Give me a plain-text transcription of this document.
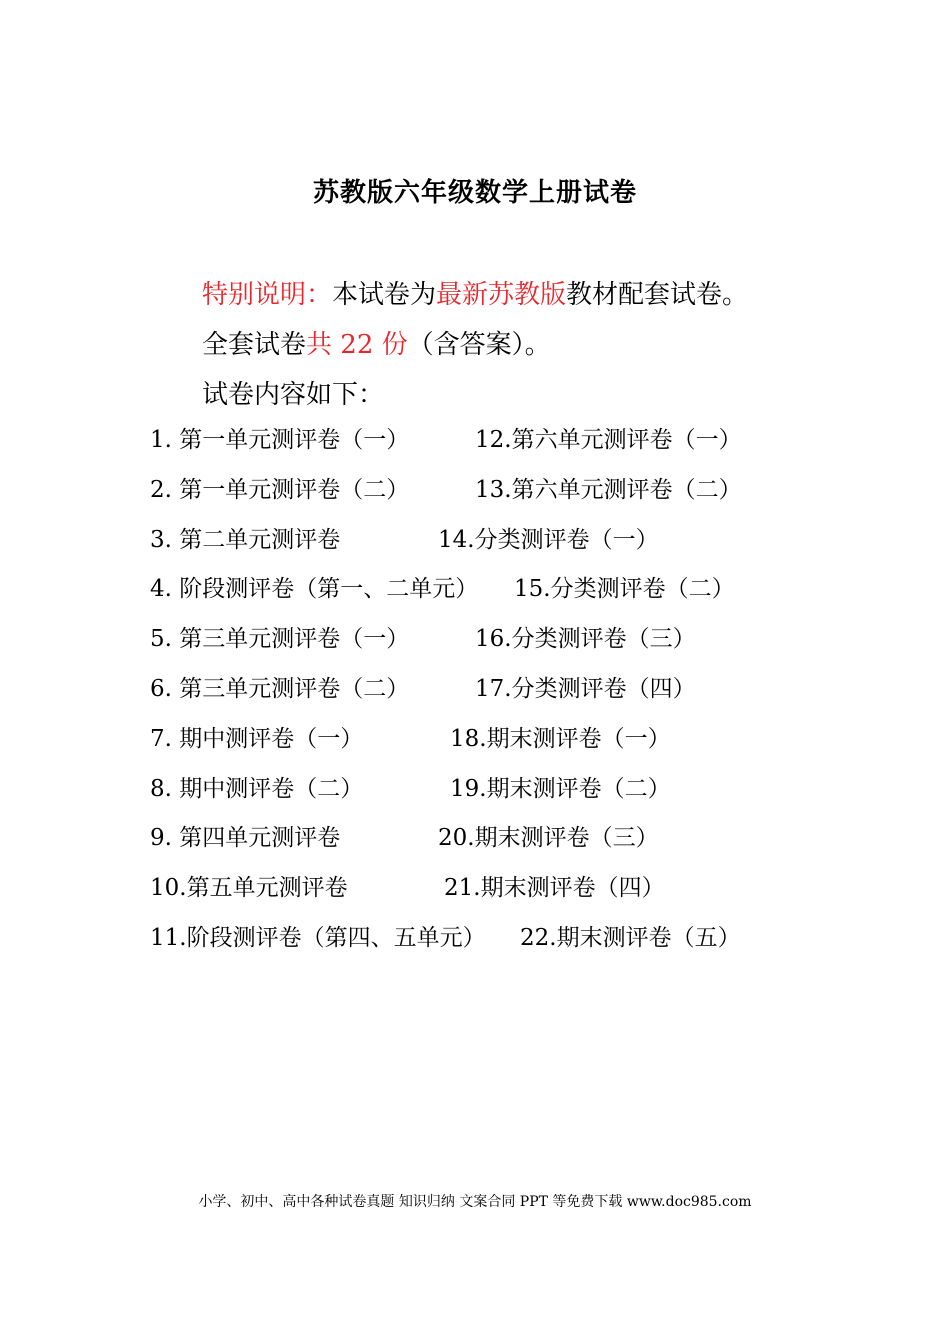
苏教版六年级数学上册试卷
特别说明：本试卷为最新苏教版教材配套试卷。
全套试卷共 22 份（含答案）。
试卷内容如下：
1. 第一单元测评卷（一）	12.第六单元测评卷（一）
2. 第一单元测评卷（二）	13.第六单元测评卷（二）
3. 第二单元测评卷	14.分类测评卷（一）
4. 阶段测评卷（第一、二单元） 15.分类测评卷（二）
5. 第三单元测评卷（一）	16.分类测评卷（三）
6. 第三单元测评卷（二）	17.分类测评卷（四）
7. 期中测评卷（一）	18.期末测评卷（一）
8. 期中测评卷（二）	19.期末测评卷（二）
9. 第四单元测评卷	20.期末测评卷（三）
10.第五单元测评卷	21.期末测评卷（四）
11.阶段测评卷（第四、五单元） 22.期末测评卷（五）
小学、初中、高中各种试卷真题 知识归纳 文案合同 PPT 等免费下载 www.doc985.com
